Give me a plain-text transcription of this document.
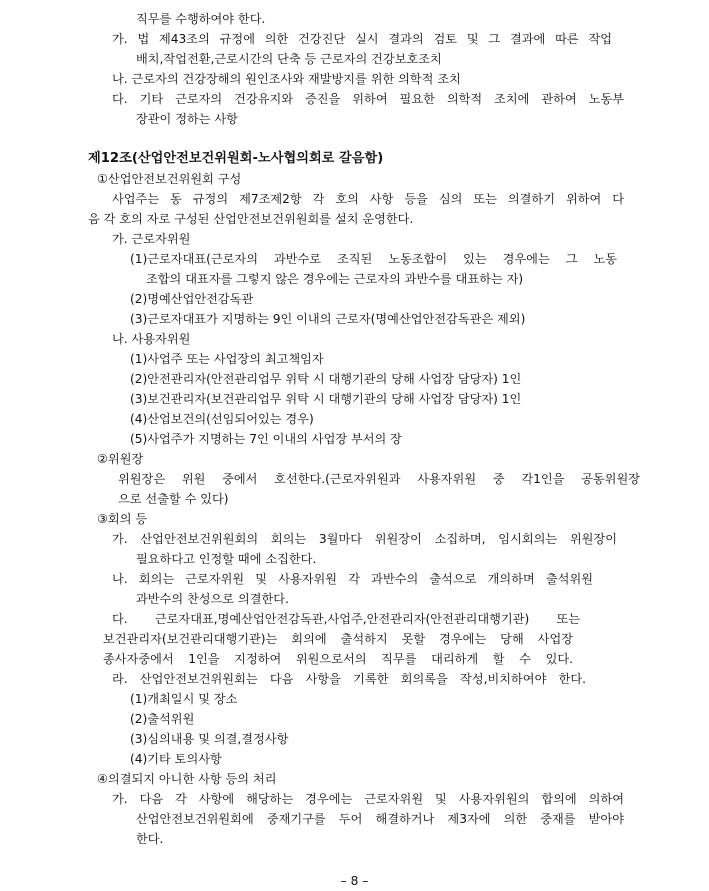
직무를 수행하여야 한다.
가. 법 제43조의 규정에 의한 건강진단 실시 결과의 검토 및 그 결과에 따른 작업
배치,작업전환,근로시간의 단축 등 근로자의 건강보호조치
나. 근로자의 건강장해의 원인조사와 재발방지를 위한 의학적 조치
다. 기타 근로자의 건강유지와 증진을 위하여 필요한 의학적 조치에 관하여 노동부
장관이 정하는 사항
제12조(산업안전보건위원회-노사협의회로 갈음함)
①산업안전보건위원회 구성
사업주는 동 규정의 제7조제2항 각 호의 사항 등을 심의 또는 의결하기 위하여 다
음 각 호의 자로 구성된 산업안전보건위원회를 설치 운영한다.
가. 근로자위원
(1)근로자대표(근로자의 과반수로 조직된 노동조합이 있는 경우에는 그 노동
조합의 대표자를 그렇지 않은 경우에는 근로자의 과반수를 대표하는 자)
(2)명예산업안전감독관
(3)근로자대표가 지명하는 9인 이내의 근로자(명예산업안전감독관은 제외)
나. 사용자위원
(1)사업주 또는 사업장의 최고책임자
(2)안전관리자(안전관리업무 위탁 시 대행기관의 당해 사업장 담당자) 1인
(3)보건관리자(보건관리업무 위탁 시 대행기관의 당해 사업장 담당자) 1인
(4)산업보건의(선임되어있는 경우)
(5)사업주가 지명하는 7인 이내의 사업장 부서의 장
②위원장
위원장은 위원 중에서 호선한다.(근로자위원과 사용자위원 중 각1인을 공동위원장
으로 선출할 수 있다)
③회의 등
가. 산업안전보건위원회의 회의는 3월마다 위원장이 소집하며, 임시회의는 위원장이
필요하다고 인정할 때에 소집한다.
나. 회의는 근로자위원 및 사용자위원 각 과반수의 출석으로 개의하며 출석위원
과반수의 찬성으로 의결한다.
다. 근로자대표,명예산업안전감독관,사업주,안전관리자(안전관리대행기관) 또는
보건관리자(보건관리대행기관)는 회의에 출석하지 못할 경우에는 당해 사업장
종사자중에서 1인을 지정하여 위원으로서의 직무를 대리하게 할 수 있다.
라. 산업안전보건위원회는 다음 사항을 기록한 회의록을 작성,비치하여야 한다.
(1)개최일시 및 장소
(2)출석위원
(3)심의내용 및 의결,결정사항
(4)기타 토의사항
④의결되지 아니한 사항 등의 처리
가. 다음 각 사항에 해당하는 경우에는 근로자위원 및 사용자위원의 합의에 의하여
산업안전보건위원회에 중재기구를 두어 해결하거나 제3자에 의한 중재를 받아야
한다.
– 8 –
